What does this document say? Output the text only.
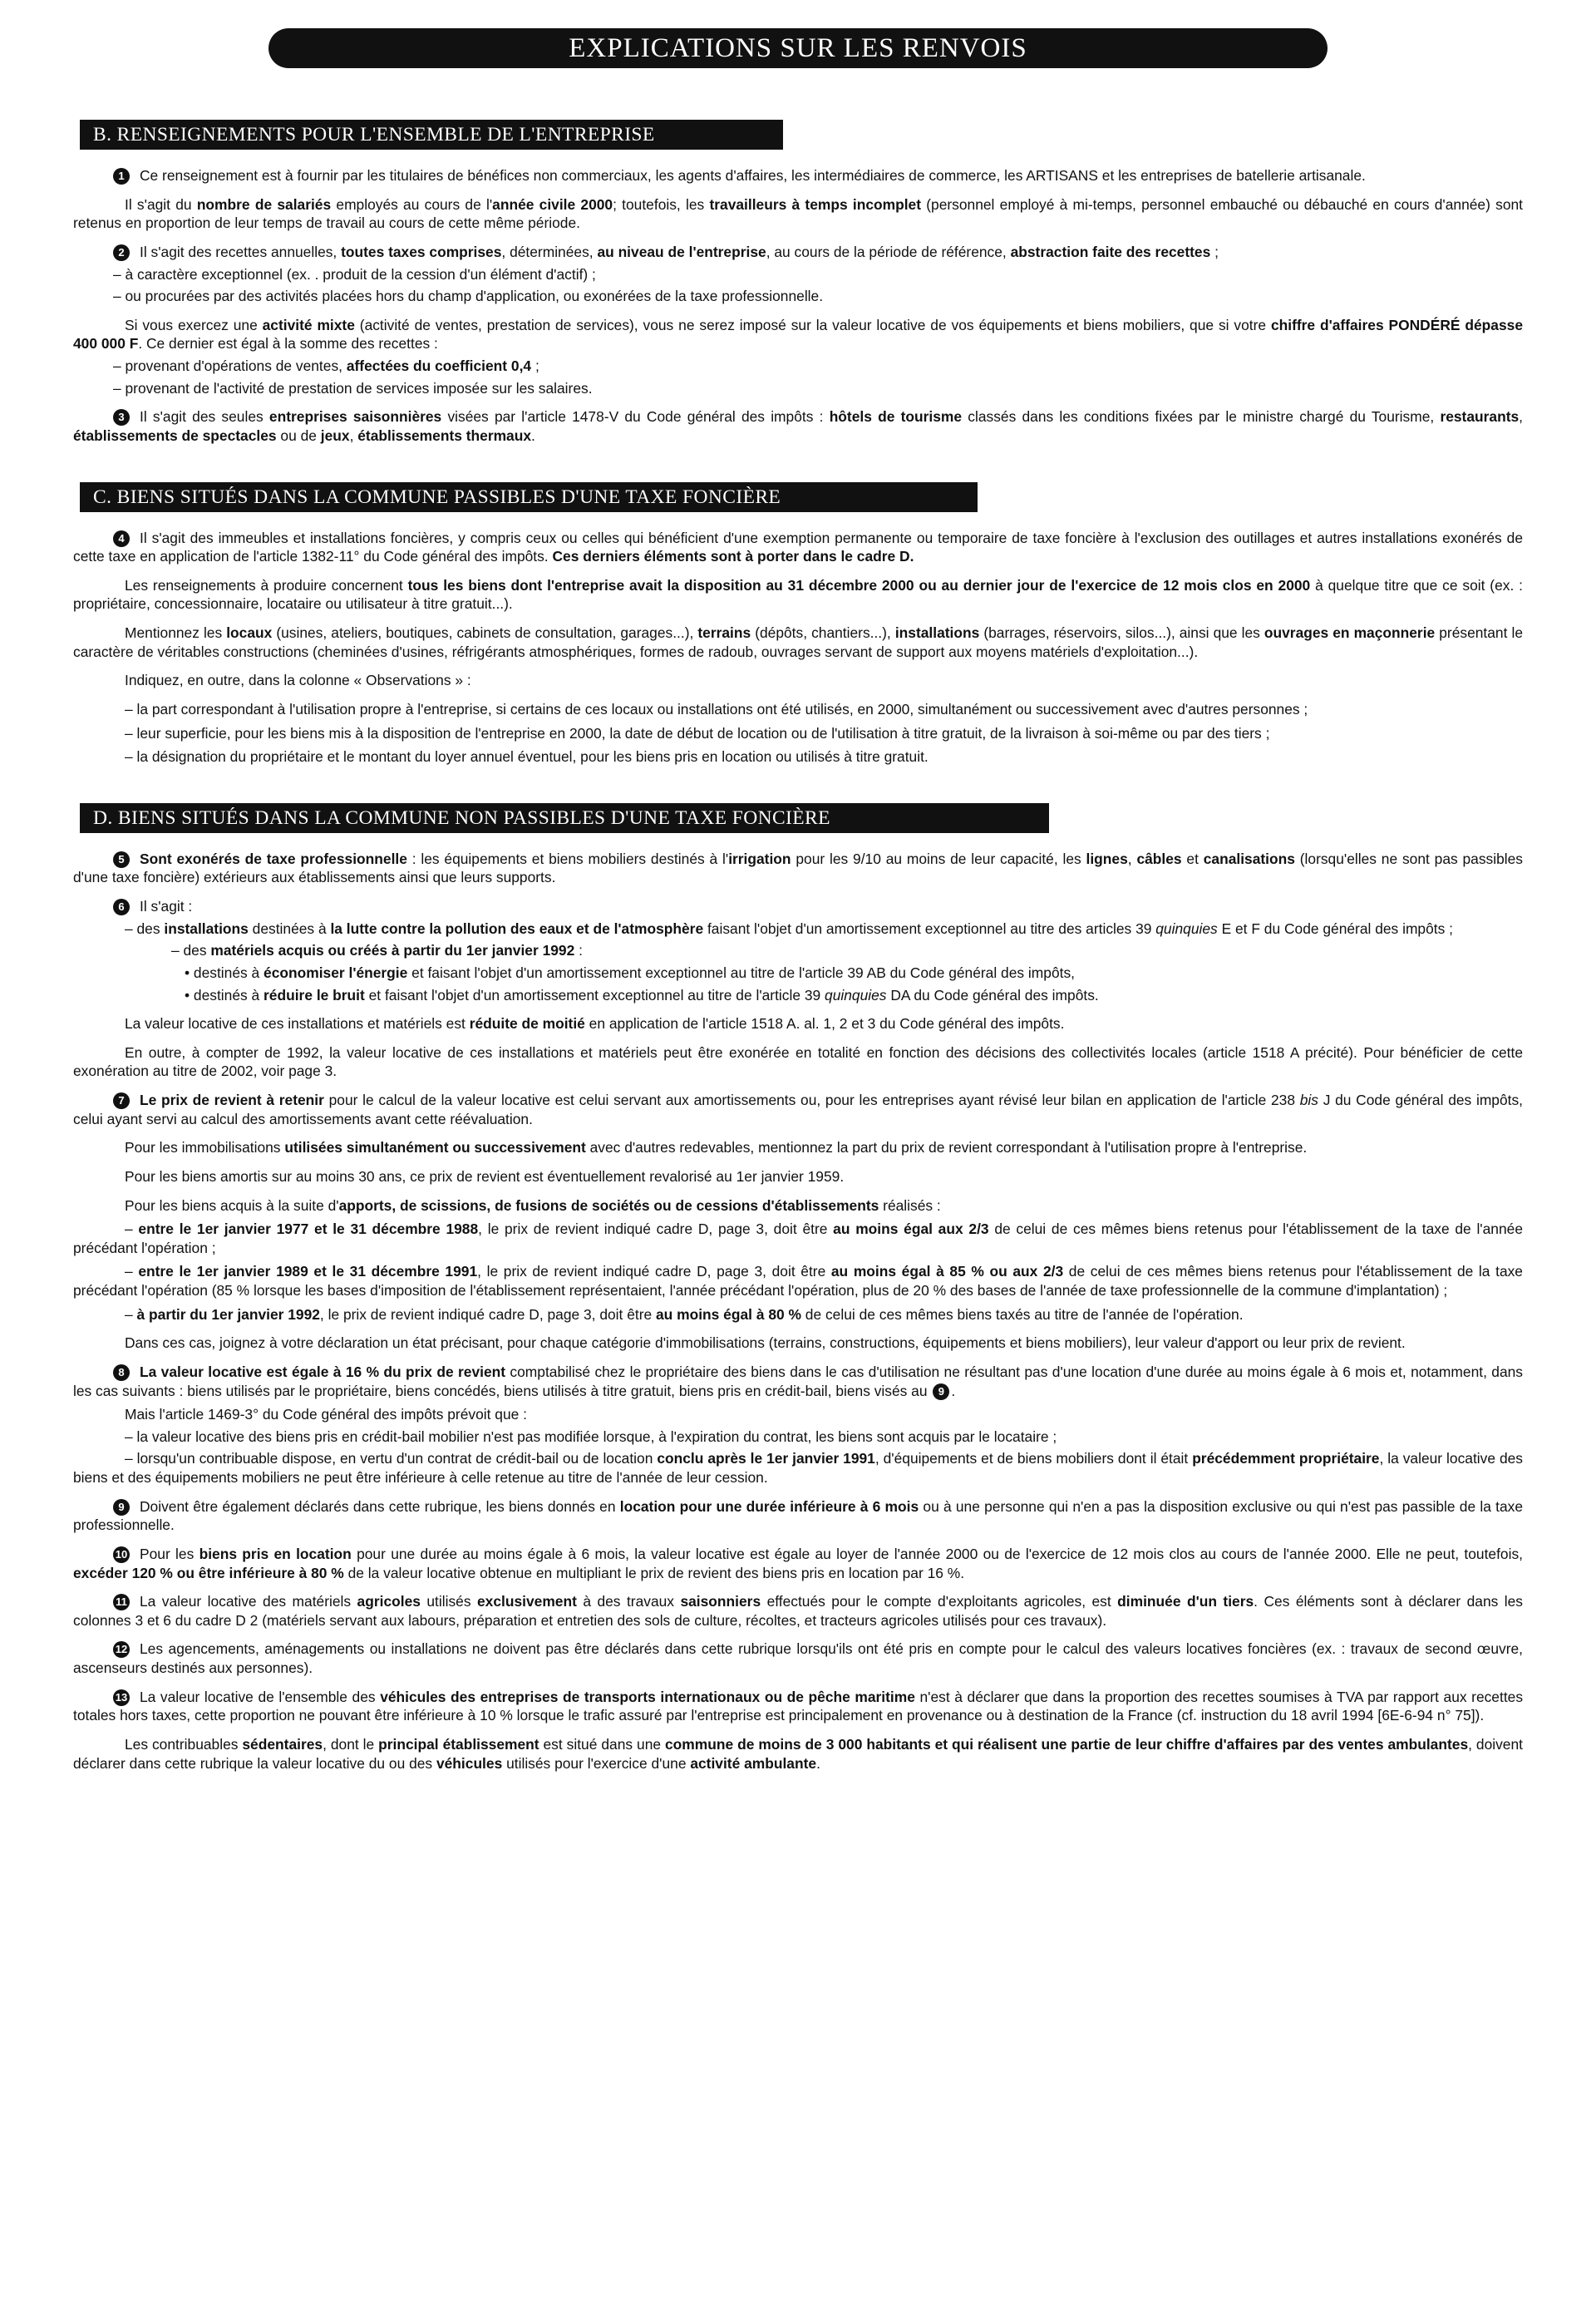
EXPLICATIONS SUR LES RENVOIS
B. RENSEIGNEMENTS POUR L'ENSEMBLE DE L'ENTREPRISE

1 Ce renseignement est à fournir par les titulaires de bénéfices non commerciaux, les agents d'affaires, les intermédiaires de commerce, les ARTISANS et les entreprises de batellerie artisanale.

Il s'agit du nombre de salariés employés au cours de l'année civile 2000; toutefois, les travailleurs à temps incomplet (personnel employé à mi-temps, personnel embauché ou débauché en cours d'année) sont retenus en proportion de leur temps de travail au cours de cette même période.

2 Il s'agit des recettes annuelles, toutes taxes comprises, déterminées, au niveau de l'entreprise, au cours de la période de référence, abstraction faite des recettes ;

– à caractère exceptionnel (ex. . produit de la cession d'un élément d'actif) ;

– ou procurées par des activités placées hors du champ d'application, ou exonérées de la taxe professionnelle.

Si vous exercez une activité mixte (activité de ventes, prestation de services), vous ne serez imposé sur la valeur locative de vos équipements et biens mobiliers, que si votre chiffre d'affaires PONDÉRÉ dépasse 400 000 F. Ce dernier est égal à la somme des recettes :

– provenant d'opérations de ventes, affectées du coefficient 0,4 ;

– provenant de l'activité de prestation de services imposée sur les salaires.

3 Il s'agit des seules entreprises saisonnières visées par l'article 1478-V du Code général des impôts : hôtels de tourisme classés dans les conditions fixées par le ministre chargé du Tourisme, restaurants, établissements de spectacles ou de jeux, établissements thermaux.

C. BIENS SITUÉS DANS LA COMMUNE PASSIBLES D'UNE TAXE FONCIÈRE

4 Il s'agit des immeubles et installations foncières, y compris ceux ou celles qui bénéficient d'une exemption permanente ou temporaire de taxe foncière à l'exclusion des outillages et autres installations exonérés de cette taxe en application de l'article 1382-11° du Code général des impôts. Ces derniers éléments sont à porter dans le cadre D.

Les renseignements à produire concernent tous les biens dont l'entreprise avait la disposition au 31 décembre 2000 ou au dernier jour de l'exercice de 12 mois clos en 2000 à quelque titre que ce soit (ex. : propriétaire, concessionnaire, locataire ou utilisateur à titre gratuit...).

Mentionnez les locaux (usines, ateliers, boutiques, cabinets de consultation, garages...), terrains (dépôts, chantiers...), installations (barrages, réservoirs, silos...), ainsi que les ouvrages en maçonnerie présentant le caractère de véritables constructions (cheminées d'usines, réfrigérants atmosphériques, formes de radoub, ouvrages servant de support aux moyens matériels d'exploitation...).

Indiquez, en outre, dans la colonne « Observations » :

– la part correspondant à l'utilisation propre à l'entreprise, si certains de ces locaux ou installations ont été utilisés, en 2000, simultanément ou successivement avec d'autres personnes ;

– leur superficie, pour les biens mis à la disposition de l'entreprise en 2000, la date de début de location ou de l'utilisation à titre gratuit, de la livraison à soi-même ou par des tiers ;

– la désignation du propriétaire et le montant du loyer annuel éventuel, pour les biens pris en location ou utilisés à titre gratuit.

D. BIENS SITUÉS DANS LA COMMUNE NON PASSIBLES D'UNE TAXE FONCIÈRE

5 Sont exonérés de taxe professionnelle : les équipements et biens mobiliers destinés à l'irrigation pour les 9/10 au moins de leur capacité, les lignes, câbles et canalisations (lorsqu'elles ne sont pas passibles d'une taxe foncière) extérieurs aux établissements ainsi que leurs supports.

6 Il s'agit :

– des installations destinées à la lutte contre la pollution des eaux et de l'atmosphère faisant l'objet d'un amortissement exceptionnel au titre des articles 39 quinquies E et F du Code général des impôts ;

– des matériels acquis ou créés à partir du 1er janvier 1992 :

• destinés à économiser l'énergie et faisant l'objet d'un amortissement exceptionnel au titre de l'article 39 AB du Code général des impôts,

• destinés à réduire le bruit et faisant l'objet d'un amortissement exceptionnel au titre de l'article 39 quinquies DA du Code général des impôts.

La valeur locative de ces installations et matériels est réduite de moitié en application de l'article 1518 A. al. 1, 2 et 3 du Code général des impôts.

En outre, à compter de 1992, la valeur locative de ces installations et matériels peut être exonérée en totalité en fonction des décisions des collectivités locales (article 1518 A précité). Pour bénéficier de cette exonération au titre de 2002, voir page 3.

7 Le prix de revient à retenir pour le calcul de la valeur locative est celui servant aux amortissements ou, pour les entreprises ayant révisé leur bilan en application de l'article 238 bis J du Code général des impôts, celui ayant servi au calcul des amortissements avant cette réévaluation.

Pour les immobilisations utilisées simultanément ou successivement avec d'autres redevables, mentionnez la part du prix de revient correspondant à l'utilisation propre à l'entreprise.

Pour les biens amortis sur au moins 30 ans, ce prix de revient est éventuellement revalorisé au 1er janvier 1959.

Pour les biens acquis à la suite d'apports, de scissions, de fusions de sociétés ou de cessions d'établissements réalisés :

– entre le 1er janvier 1977 et le 31 décembre 1988, le prix de revient indiqué cadre D, page 3, doit être au moins égal aux 2/3 de celui de ces mêmes biens retenus pour l'établissement de la taxe de l'année précédant l'opération ;

– entre le 1er janvier 1989 et le 31 décembre 1991, le prix de revient indiqué cadre D, page 3, doit être au moins égal à 85 % ou aux 2/3 de celui de ces mêmes biens retenus pour l'établissement de la taxe précédant l'opération (85 % lorsque les bases d'imposition de l'établissement représentaient, l'année précédant l'opération, plus de 20 % des bases de l'année de taxe professionnelle de la commune d'implantation) ;

– à partir du 1er janvier 1992, le prix de revient indiqué cadre D, page 3, doit être au moins égal à 80 % de celui de ces mêmes biens taxés au titre de l'année de l'opération.

Dans ces cas, joignez à votre déclaration un état précisant, pour chaque catégorie d'immobilisations (terrains, constructions, équipements et biens mobiliers), leur valeur d'apport ou leur prix de revient.

8 La valeur locative est égale à 16 % du prix de revient comptabilisé chez le propriétaire des biens dans le cas d'utilisation ne résultant pas d'une location d'une durée au moins égale à 6 mois et, notamment, dans les cas suivants : biens utilisés par le propriétaire, biens concédés, biens utilisés à titre gratuit, biens pris en crédit-bail, biens visés au 9 .

Mais l'article 1469-3° du Code général des impôts prévoit que :

– la valeur locative des biens pris en crédit-bail mobilier n'est pas modifiée lorsque, à l'expiration du contrat, les biens sont acquis par le locataire ;

– lorsqu'un contribuable dispose, en vertu d'un contrat de crédit-bail ou de location conclu après le 1er janvier 1991, d'équipements et de biens mobiliers dont il était précédemment propriétaire, la valeur locative des biens et des équipements mobiliers ne peut être inférieure à celle retenue au titre de l'année de leur cession.

9 Doivent être également déclarés dans cette rubrique, les biens donnés en location pour une durée inférieure à 6 mois ou à une personne qui n'en a pas la disposition exclusive ou qui n'est pas passible de la taxe professionnelle.

10 Pour les biens pris en location pour une durée au moins égale à 6 mois, la valeur locative est égale au loyer de l'année 2000 ou de l'exercice de 12 mois clos au cours de l'année 2000. Elle ne peut, toutefois, excéder 120 % ou être inférieure à 80 % de la valeur locative obtenue en multipliant le prix de revient des biens pris en location par 16 %.

11 La valeur locative des matériels agricoles utilisés exclusivement à des travaux saisonniers effectués pour le compte d'exploitants agricoles, est diminuée d'un tiers. Ces éléments sont à déclarer dans les colonnes 3 et 6 du cadre D 2 (matériels servant aux labours, préparation et entretien des sols de culture, récoltes, et tracteurs agricoles utilisés pour ces travaux).

12 Les agencements, aménagements ou installations ne doivent pas être déclarés dans cette rubrique lorsqu'ils ont été pris en compte pour le calcul des valeurs locatives foncières (ex. : travaux de second œuvre, ascenseurs destinés aux personnes).

13 La valeur locative de l'ensemble des véhicules des entreprises de transports internationaux ou de pêche maritime n'est à déclarer que dans la proportion des recettes soumises à TVA par rapport aux recettes totales hors taxes, cette proportion ne pouvant être inférieure à 10 % lorsque le trafic assuré par l'entreprise est principalement en provenance ou à destination de la France (cf. instruction du 18 avril 1994 [6E-6-94 n° 75]).

Les contribuables sédentaires, dont le principal établissement est situé dans une commune de moins de 3 000 habitants et qui réalisent une partie de leur chiffre d'affaires par des ventes ambulantes, doivent déclarer dans cette rubrique la valeur locative du ou des véhicules utilisés pour l'exercice d'une activité ambulante.
